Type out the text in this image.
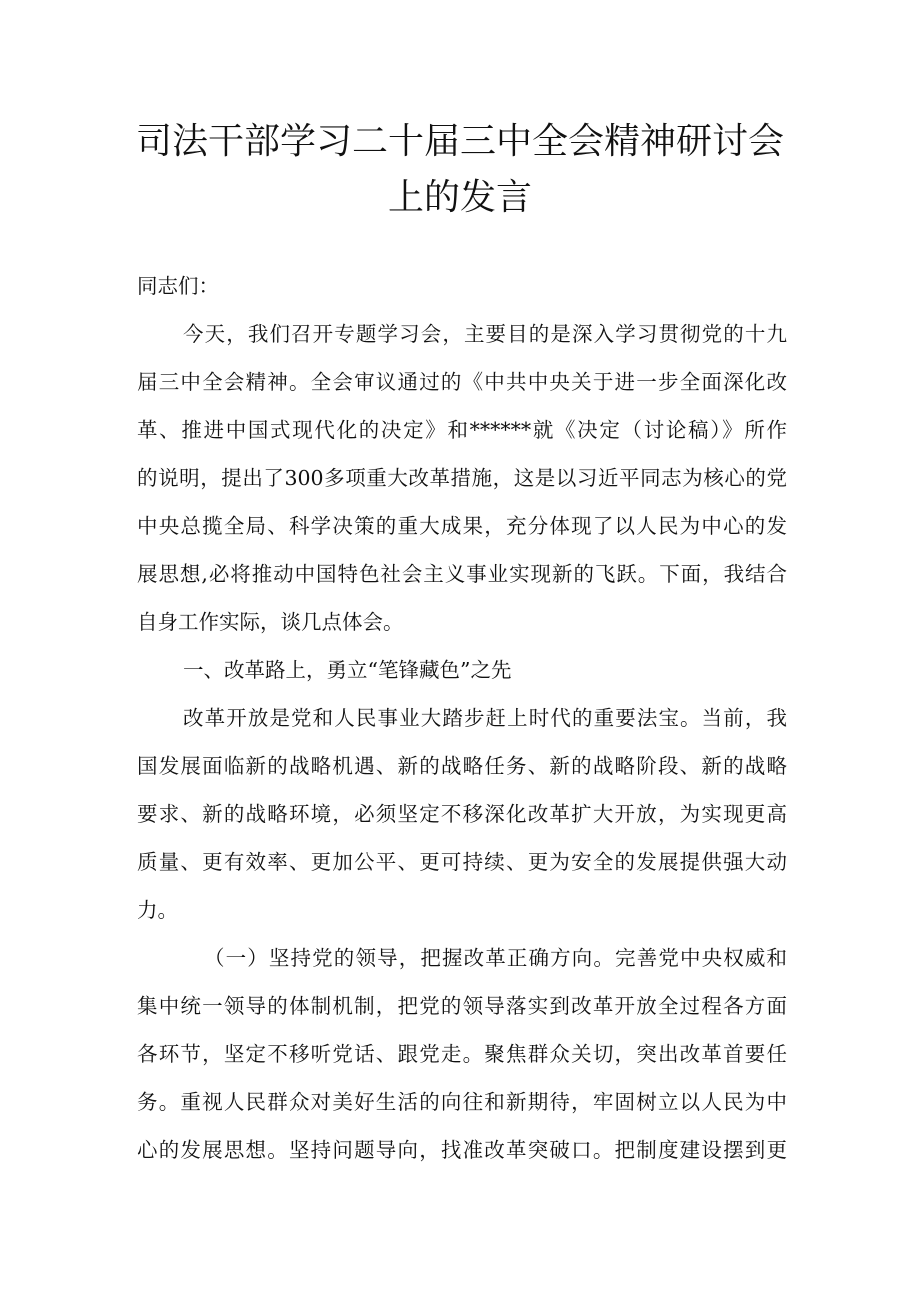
司法干部学习二十届三中全会精神研讨会
上的发言
同志们：
今天，我们召开专题学习会，主要目的是深入学习贯彻党的十九
届三中全会精神。全会审议通过的《中共中央关于进一步全面深化改
革、推进中国式现代化的决定》和******就《决定（讨论稿）》所作
的说明，提出了300多项重大改革措施，这是以习近平同志为核心的党
中央总揽全局、科学决策的重大成果，充分体现了以人民为中心的发
展思想,必将推动中国特色社会主义事业实现新的飞跃。下面，我结合
自身工作实际，谈几点体会。
一、改革路上，勇立“笔锋藏色”之先
改革开放是党和人民事业大踏步赶上时代的重要法宝。当前，我
国发展面临新的战略机遇、新的战略任务、新的战略阶段、新的战略
要求、新的战略环境，必须坚定不移深化改革扩大开放，为实现更高
质量、更有效率、更加公平、更可持续、更为安全的发展提供强大动
力。
（一）坚持党的领导，把握改革正确方向。完善党中央权威和
集中统一领导的体制机制，把党的领导落实到改革开放全过程各方面
各环节，坚定不移听党话、跟党走。聚焦群众关切，突出改革首要任
务。重视人民群众对美好生活的向往和新期待，牢固树立以人民为中
心的发展思想。坚持问题导向，找准改革突破口。把制度建设摆到更
